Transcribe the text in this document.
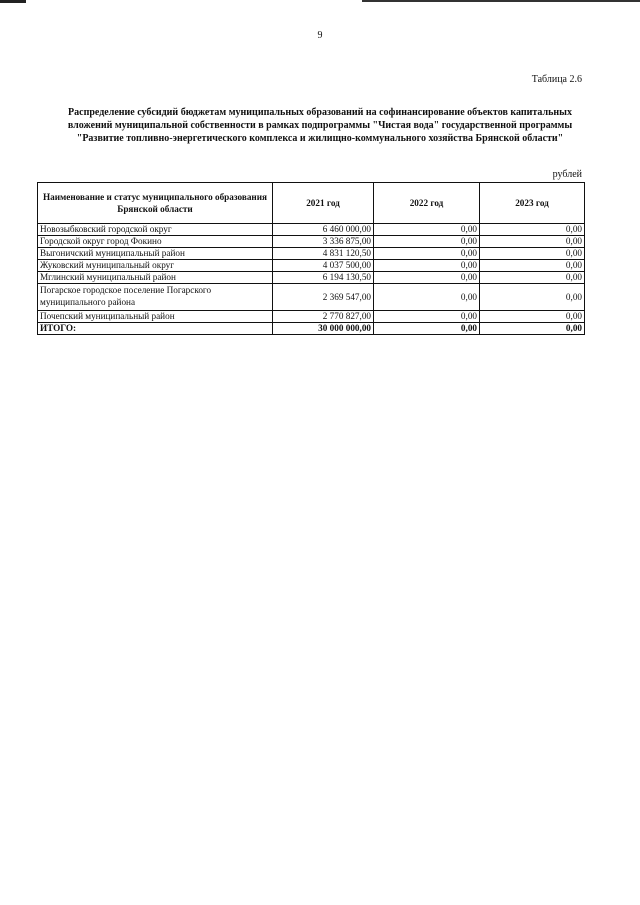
9
Таблица 2.6
Распределение субсидий бюджетам муниципальных образований на софинансирование объектов капитальных
вложений муниципальной собственности в рамках подпрограммы "Чистая вода" государственной программы
"Развитие топливно-энергетического комплекса и жилищно-коммунального хозяйства Брянской области"
рублей
Наименование и статус муниципального образования Брянской области	2021 год	2022 год	2023 год
Новозыбковский городской округ	6 460 000,00	0,00	0,00
Городской округ город Фокино	3 336 875,00	0,00	0,00
Выгоничский муниципальный район	4 831 120,50	0,00	0,00
Жуковский муниципальный округ	4 037 500,00	0,00	0,00
Мглинский муниципальный район	6 194 130,50	0,00	0,00
Погарское городское поселение Погарского муниципального района	2 369 547,00	0,00	0,00
Почепский муниципальный район	2 770 827,00	0,00	0,00
ИТОГО:	30 000 000,00	0,00	0,00
